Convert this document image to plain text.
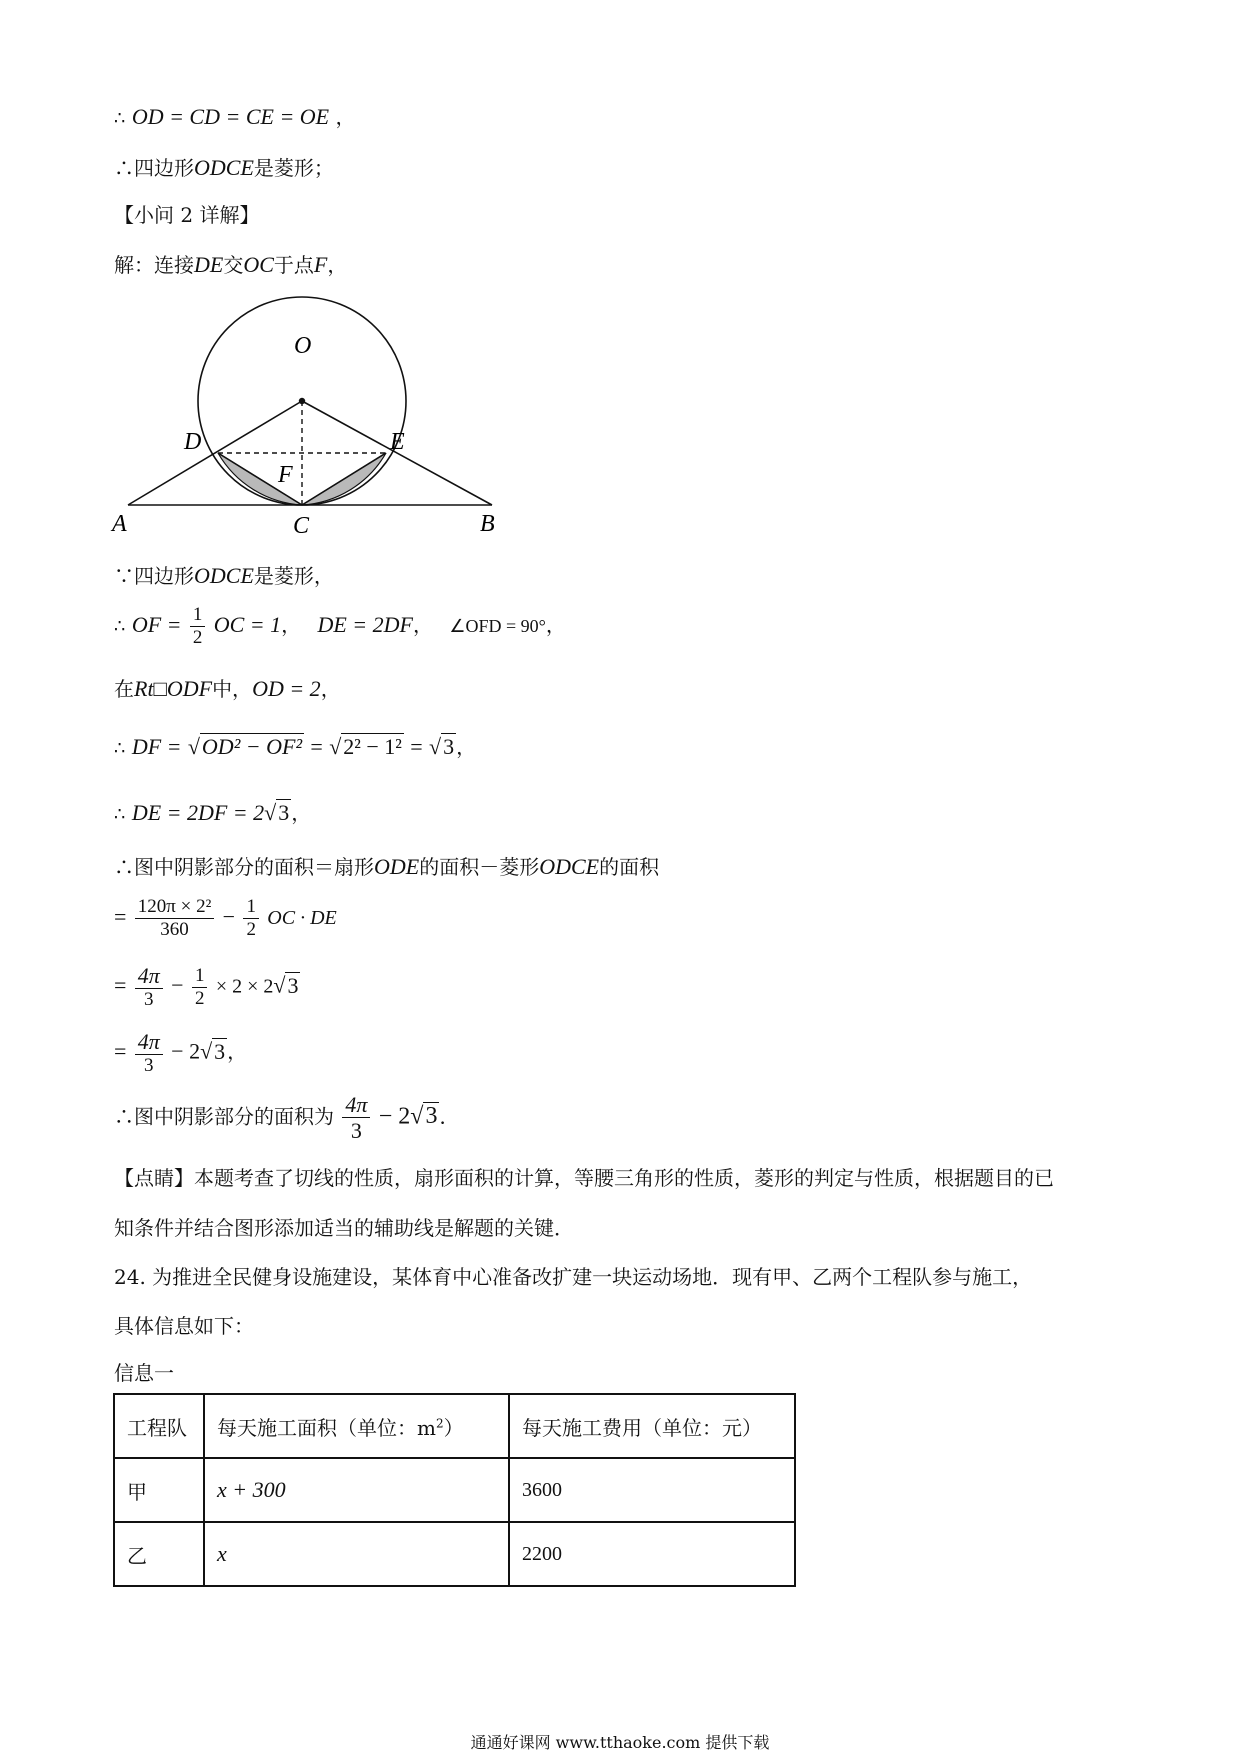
∴ OD = CD = CE = OE ，
∴四边形ODCE是菱形；
【小问 2 详解】
解：连接DE交OC于点F，
O
D	E
F
A	C	B
∵四边形ODCE是菱形，
∴ OF = $\frac{1}{2}$ OC = 1， DE = 2DF， ∠OFD = 90°，
在Rt□ODF中，OD = 2，
∴ DF = √OD² − OF² = √2² − 1² = √3 ，
∴ DE = 2DF = 2√3 ，
∴图中阴影部分的面积＝扇形ODE的面积－菱形ODCE的面积
= $\frac{\text{120π × 2²}}{360} - \frac{1}{2}$ OC · DE
= $\frac{4\pi}{3} - \frac{1}{2} \times 2 \times 2√3$
= $\frac{4\pi}{3} - 2√3$ ，
∴图中阴影部分的面积为 $\frac{4\pi}{3} - 2√3$ ．
【点睛】本题考查了切线的性质，扇形面积的计算，等腰三角形的性质，菱形的判定与性质，根据题目的已
知条件并结合图形添加适当的辅助线是解题的关键．
24. 为推进全民健身设施建设，某体育中心准备改扩建一块运动场地．现有甲、乙两个工程队参与施工，
具体信息如下：
信息一
工程队	每天施工面积（单位：$m^2$）	每天施工费用（单位：元）
甲	x + 300	3600
乙	x	2200
通通好课网 www.tthaoke.com 提供下载
